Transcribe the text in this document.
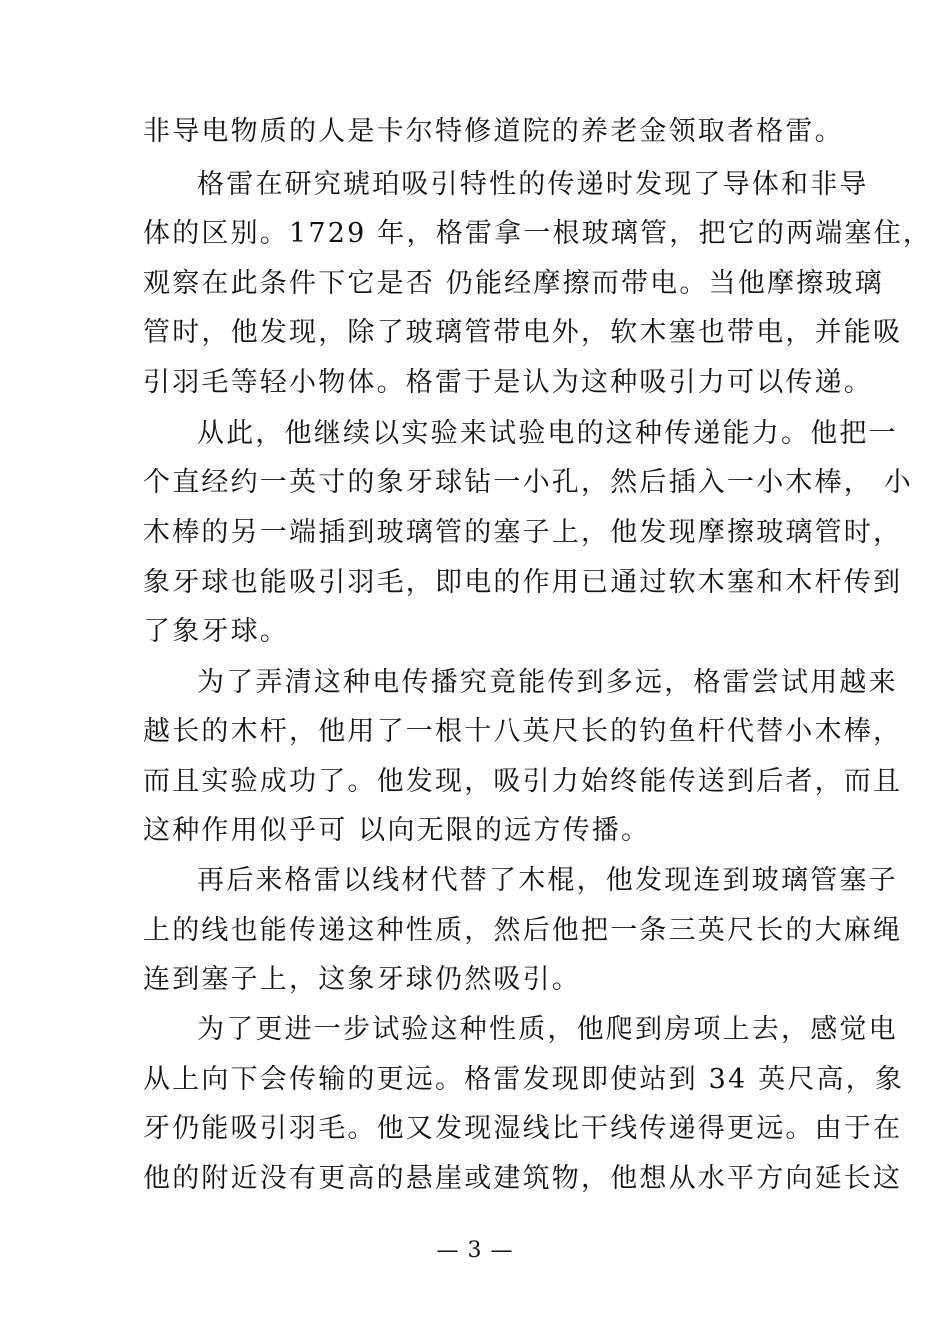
非导电物质的人是卡尔特修道院的养老金领取者格雷。
格雷在研究琥珀吸引特性的传递时发现了导体和非导
体的区别。1729 年，格雷拿一根玻璃管，把它的两端塞住，
观察在此条件下它是否 仍能经摩擦而带电。当他摩擦玻璃
管时，他发现，除了玻璃管带电外，软木塞也带电，并能吸
引羽毛等轻小物体。格雷于是认为这种吸引力可以传递。
从此，他继续以实验来试验电的这种传递能力。他把一
个直经约一英寸的象牙球钻一小孔，然后插入一小木棒， 小
木棒的另一端插到玻璃管的塞子上，他发现摩擦玻璃管时，
象牙球也能吸引羽毛，即电的作用已通过软木塞和木杆传到
了象牙球。
为了弄清这种电传播究竟能传到多远，格雷尝试用越来
越长的木杆，他用了一根十八英尺长的钓鱼杆代替小木棒，
而且实验成功了。他发现，吸引力始终能传送到后者，而且
这种作用似乎可 以向无限的远方传播。
再后来格雷以线材代替了木棍，他发现连到玻璃管塞子
上的线也能传递这种性质，然后他把一条三英尺长的大麻绳
连到塞子上，这象牙球仍然吸引。
为了更进一步试验这种性质，他爬到房项上去，感觉电
从上向下会传输的更远。格雷发现即使站到 34 英尺高，象
牙仍能吸引羽毛。他又发现湿线比干线传递得更远。由于在
他的附近没有更高的悬崖或建筑物，他想从水平方向延长这
— 3 —
